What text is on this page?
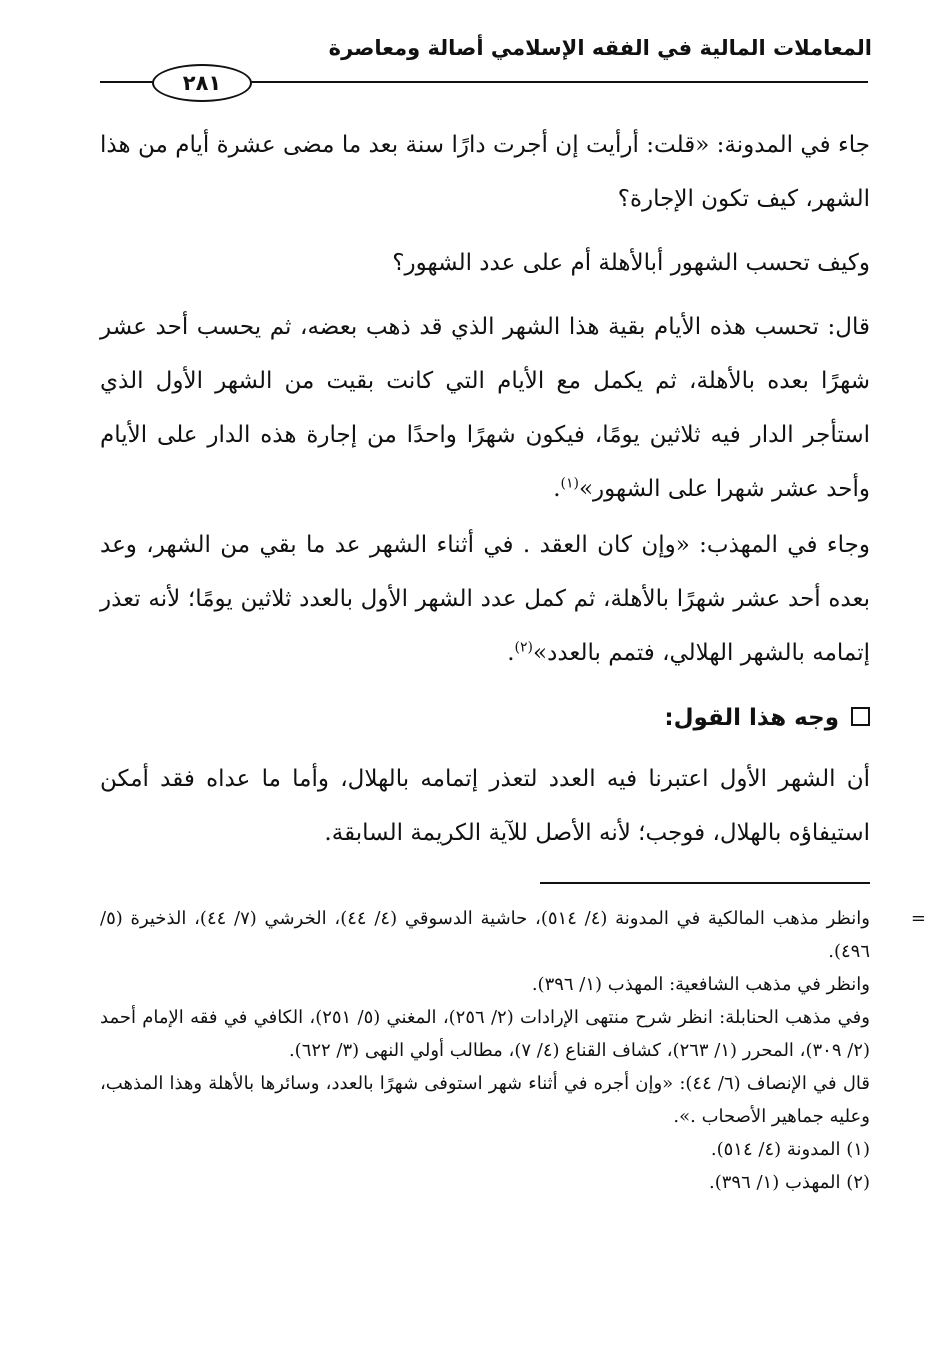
المعاملات المالية في الفقه الإسلامي أصالة ومعاصرة
٢٨١
جاء في المدونة: «قلت: أرأيت إن أجرت دارًا سنة بعد ما مضى عشرة أيام من هذا الشهر، كيف تكون الإجارة؟
وكيف تحسب الشهور أبالأهلة أم على عدد الشهور؟
قال: تحسب هذه الأيام بقية هذا الشهر الذي قد ذهب بعضه، ثم يحسب أحد عشر شهرًا بعده بالأهلة، ثم يكمل مع الأيام التي كانت بقيت من الشهر الأول الذي استأجر الدار فيه ثلاثين يومًا، فيكون شهرًا واحدًا من إجارة هذه الدار على الأيام وأحد عشر شهرا على الشهور»$^{(١)}$.
وجاء في المهذب: «وإن كان العقد . في أثناء الشهر عد ما بقي من الشهر، وعد بعده أحد عشر شهرًا بالأهلة، ثم كمل عدد الشهر الأول بالعدد ثلاثين يومًا؛ لأنه تعذر إتمامه بالشهر الهلالي، فتمم بالعدد»$^{(٢)}$.
وجه هذا القول:
أن الشهر الأول اعتبرنا فيه العدد لتعذر إتمامه بالهلال، وأما ما عداه فقد أمكن استيفاؤه بالهلال، فوجب؛ لأنه الأصل للآية الكريمة السابقة.

=
وانظر مذهب المالكية في المدونة (٤/ ٥١٤)، حاشية الدسوقي (٤/ ٤٤)، الخرشي (٧/ ٤٤)، الذخيرة (٥/ ٤٩٦).

وانظر في مذهب الشافعية: المهذب (١/ ٣٩٦).

وفي مذهب الحنابلة: انظر شرح منتهى الإرادات (٢/ ٢٥٦)، المغني (٥/ ٢٥١)، الكافي في فقه الإمام أحمد (٢/ ٣٠٩)، المحرر (١/ ٢٦٣)، كشاف القناع (٤/ ٧)، مطالب أولي النهى (٣/ ٦٢٢).

قال في الإنصاف (٦/ ٤٤): «وإن أجره في أثناء شهر استوفى شهرًا بالعدد، وسائرها بالأهلة وهذا المذهب، وعليه جماهير الأصحاب .».

(١) المدونة (٤/ ٥١٤).

(٢) المهذب (١/ ٣٩٦).
